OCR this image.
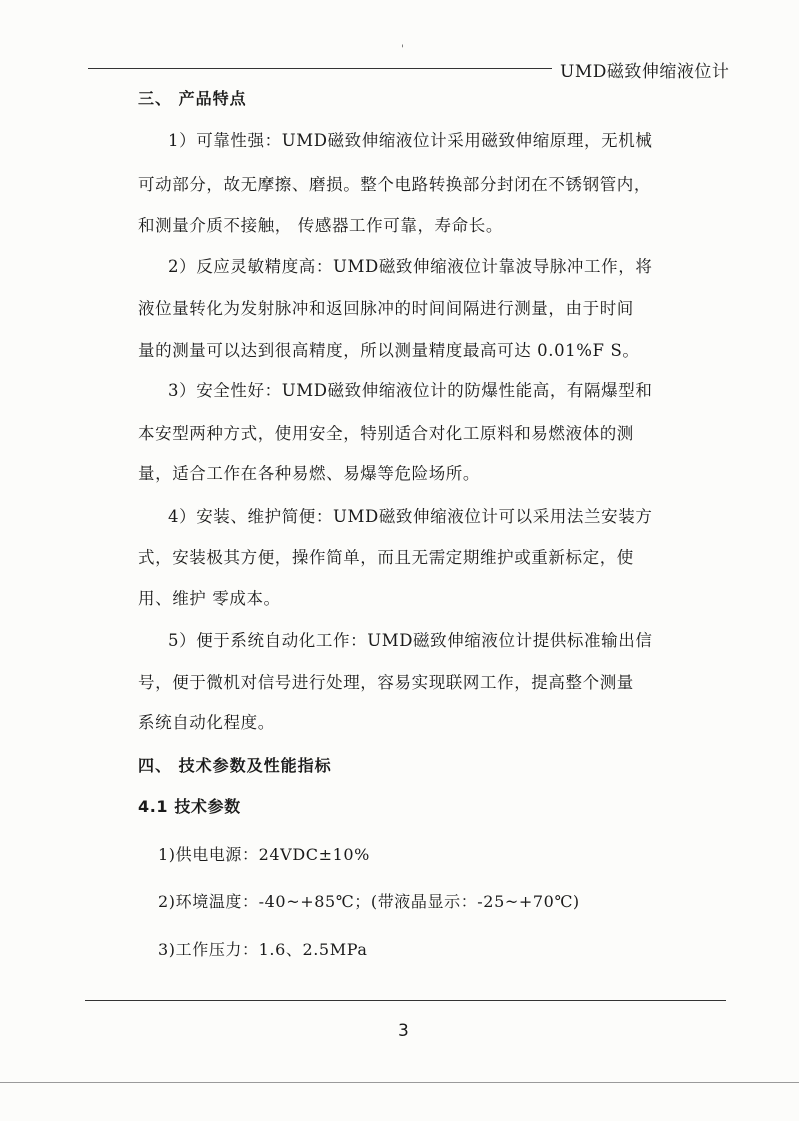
'
UMD磁致伸缩液位计
三、 产品特点
1）可靠性强：UMD磁致伸缩液位计采用磁致伸缩原理，无机械
可动部分，故无摩擦、磨损。整个电路转换部分封闭在不锈钢管内，
和测量介质不接触， 传感器工作可靠，寿命长。
2）反应灵敏精度高：UMD磁致伸缩液位计靠波导脉冲工作，将
液位量转化为发射脉冲和返回脉冲的时间间隔进行测量，由于时间
量的测量可以达到很高精度，所以测量精度最高可达 0.01%F S。
3）安全性好：UMD磁致伸缩液位计的防爆性能高，有隔爆型和
本安型两种方式，使用安全，特别适合对化工原料和易燃液体的测
量，适合工作在各种易燃、易爆等危险场所。
4）安装、维护简便：UMD磁致伸缩液位计可以采用法兰安装方
式，安装极其方便，操作简单，而且无需定期维护或重新标定，使
用、维护 零成本。
5）便于系统自动化工作：UMD磁致伸缩液位计提供标准输出信
号，便于微机对信号进行处理，容易实现联网工作，提高整个测量
系统自动化程度。
四、 技术参数及性能指标
4.1 技术参数
1)供电电源：24VDC±10%
2)环境温度：-40~+85℃；(带液晶显示：-25~+70℃)
3)工作压力：1.6、2.5MPa
3
